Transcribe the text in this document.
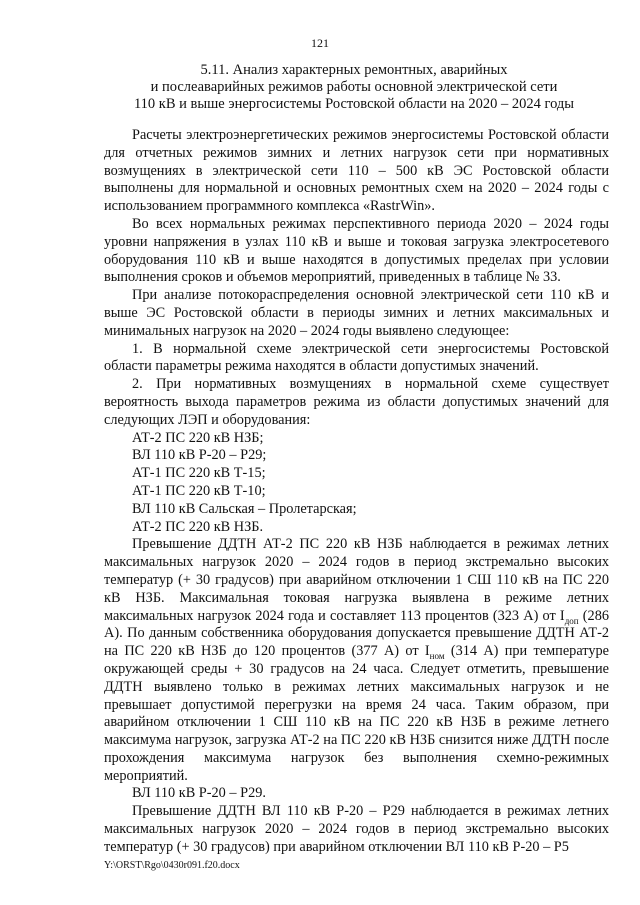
121
5.11. Анализ характерных ремонтных, аварийных
и послеаварийных режимов работы основной электрической сети
110 кВ и выше энергосистемы Ростовской области на 2020 – 2024 годы

Расчеты электроэнергетических режимов энергосистемы Ростовской области для отчетных режимов зимних и летних нагрузок сети при нормативных возмущениях в электрической сети 110 – 500 кВ ЭС Ростовской области выполнены для нормальной и основных ремонтных схем на 2020 – 2024 годы с использованием программного комплекса «RastrWin».

Во всех нормальных режимах перспективного периода 2020 – 2024 годы уровни напряжения в узлах 110 кВ и выше и токовая загрузка электросетевого оборудования 110 кВ и выше находятся в допустимых пределах при условии выполнения сроков и объемов мероприятий, приведенных в таблице № 33.

При анализе потокораспределения основной электрической сети 110 кВ и выше ЭС Ростовской области в периоды зимних и летних максимальных и минимальных нагрузок на 2020 – 2024 годы выявлено следующее:

1. В нормальной схеме электрической сети энергосистемы Ростовской области параметры режима находятся в области допустимых значений.

2. При нормативных возмущениях в нормальной схеме существует вероятность выхода параметров режима из области допустимых значений для следующих ЛЭП и оборудования:

АТ-2 ПС 220 кВ НЗБ;

ВЛ 110 кВ Р-20 – Р29;

АТ-1 ПС 220 кВ Т-15;

АТ-1 ПС 220 кВ Т-10;

ВЛ 110 кВ Сальская – Пролетарская;

АТ-2 ПС 220 кВ НЗБ.

Превышение ДДТН АТ-2 ПС 220 кВ НЗБ наблюдается в режимах летних максимальных нагрузок 2020 – 2024 годов в период экстремально высоких температур (+ 30 градусов) при аварийном отключении 1 СШ 110 кВ на ПС 220 кВ НЗБ. Максимальная токовая нагрузка выявлена в режиме летних максимальных нагрузок 2024 года и составляет 113 процентов (323 А) от $I_{доп}$ (286 А). По данным собственника оборудования допускается превышение ДДТН АТ-2 на ПС 220 кВ НЗБ до 120 процентов (377 А) от $I_{ном}$ (314 А) при температуре окружающей среды + 30 градусов на 24 часа. Следует отметить, превышение ДДТН выявлено только в режимах летних максимальных нагрузок и не превышает допустимой перегрузки на время 24 часа. Таким образом, при аварийном отключении 1 СШ 110 кВ на ПС 220 кВ НЗБ в режиме летнего максимума нагрузок, загрузка АТ-2 на ПС 220 кВ НЗБ снизится ниже ДДТН после прохождения максимума нагрузок без выполнения схемно-режимных мероприятий.

ВЛ 110 кВ Р-20 – Р29.

Превышение ДДТН ВЛ 110 кВ Р-20 – Р29 наблюдается в режимах летних максимальных нагрузок 2020 – 2024 годов в период экстремально высоких температур (+ 30 градусов) при аварийном отключении ВЛ 110 кВ Р-20 – Р5

Y:\ORST\Rgo\0430r091.f20.docx
